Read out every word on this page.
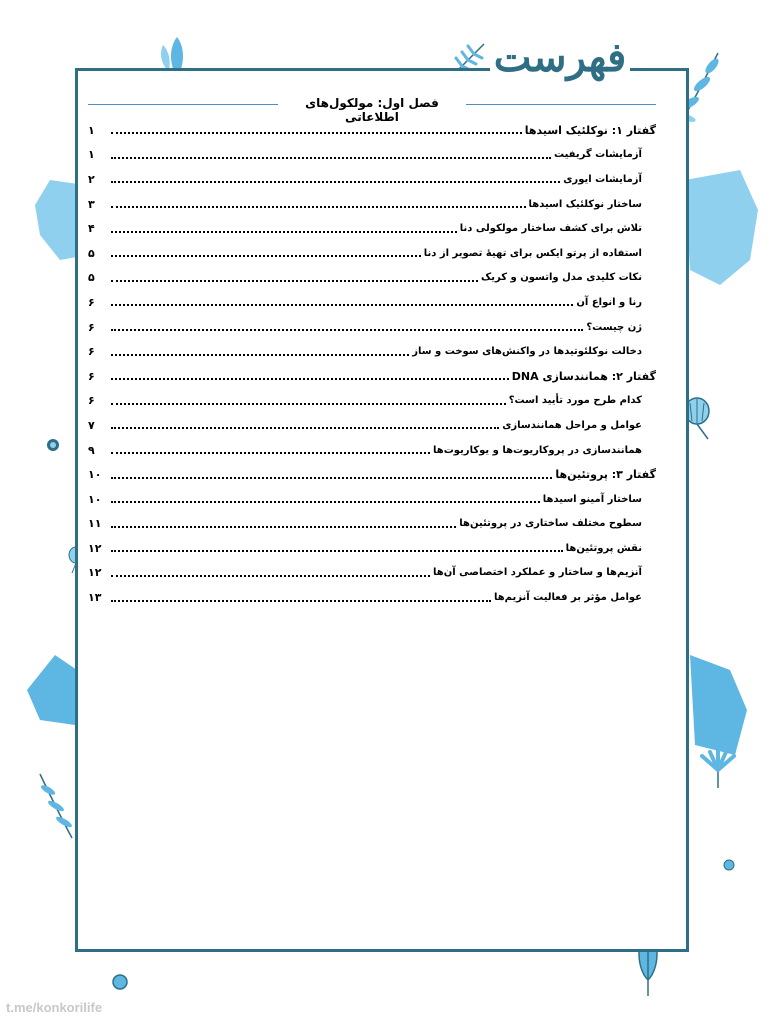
فهرست
فصل اول: مولکول‌های اطلاعاتی
گفتار ۱: نوکلئیک اسیدها
۱
آزمایشات گریفیت
۱
آزمایشات ایوری
۲
ساختار نوکلئیک اسیدها
۳
تلاش برای کشف ساختار مولکولی دنا
۴
استفاده از پرتو ایکس برای تهیهٔ تصویر از دنا
۵
نکات کلیدی مدل واتسون و کریک
۵
رنا و انواع آن
۶
ژن چیست؟
۶
دخالت نوکلئوتیدها در واکنش‌های سوخت و ساز
۶
گفتار ۲: همانندسازی DNA
۶
کدام طرح مورد تأیید است؟
۶
عوامل و مراحل همانندسازی
۷
همانندسازی در پروکاریوت‌ها و یوکاریوت‌ها
۹
گفتار ۳: پروتئین‌ها
۱۰
ساختار آمینو اسیدها
۱۰
سطوح مختلف ساختاری در پروتئین‌ها
۱۱
نقش پروتئین‌ها
۱۲
آنزیم‌ها و ساختار و عملکرد اختصاصی آن‌ها
۱۲
عوامل مؤثر بر فعالیت آنزیم‌ها
۱۳
t.me/konkorilife
